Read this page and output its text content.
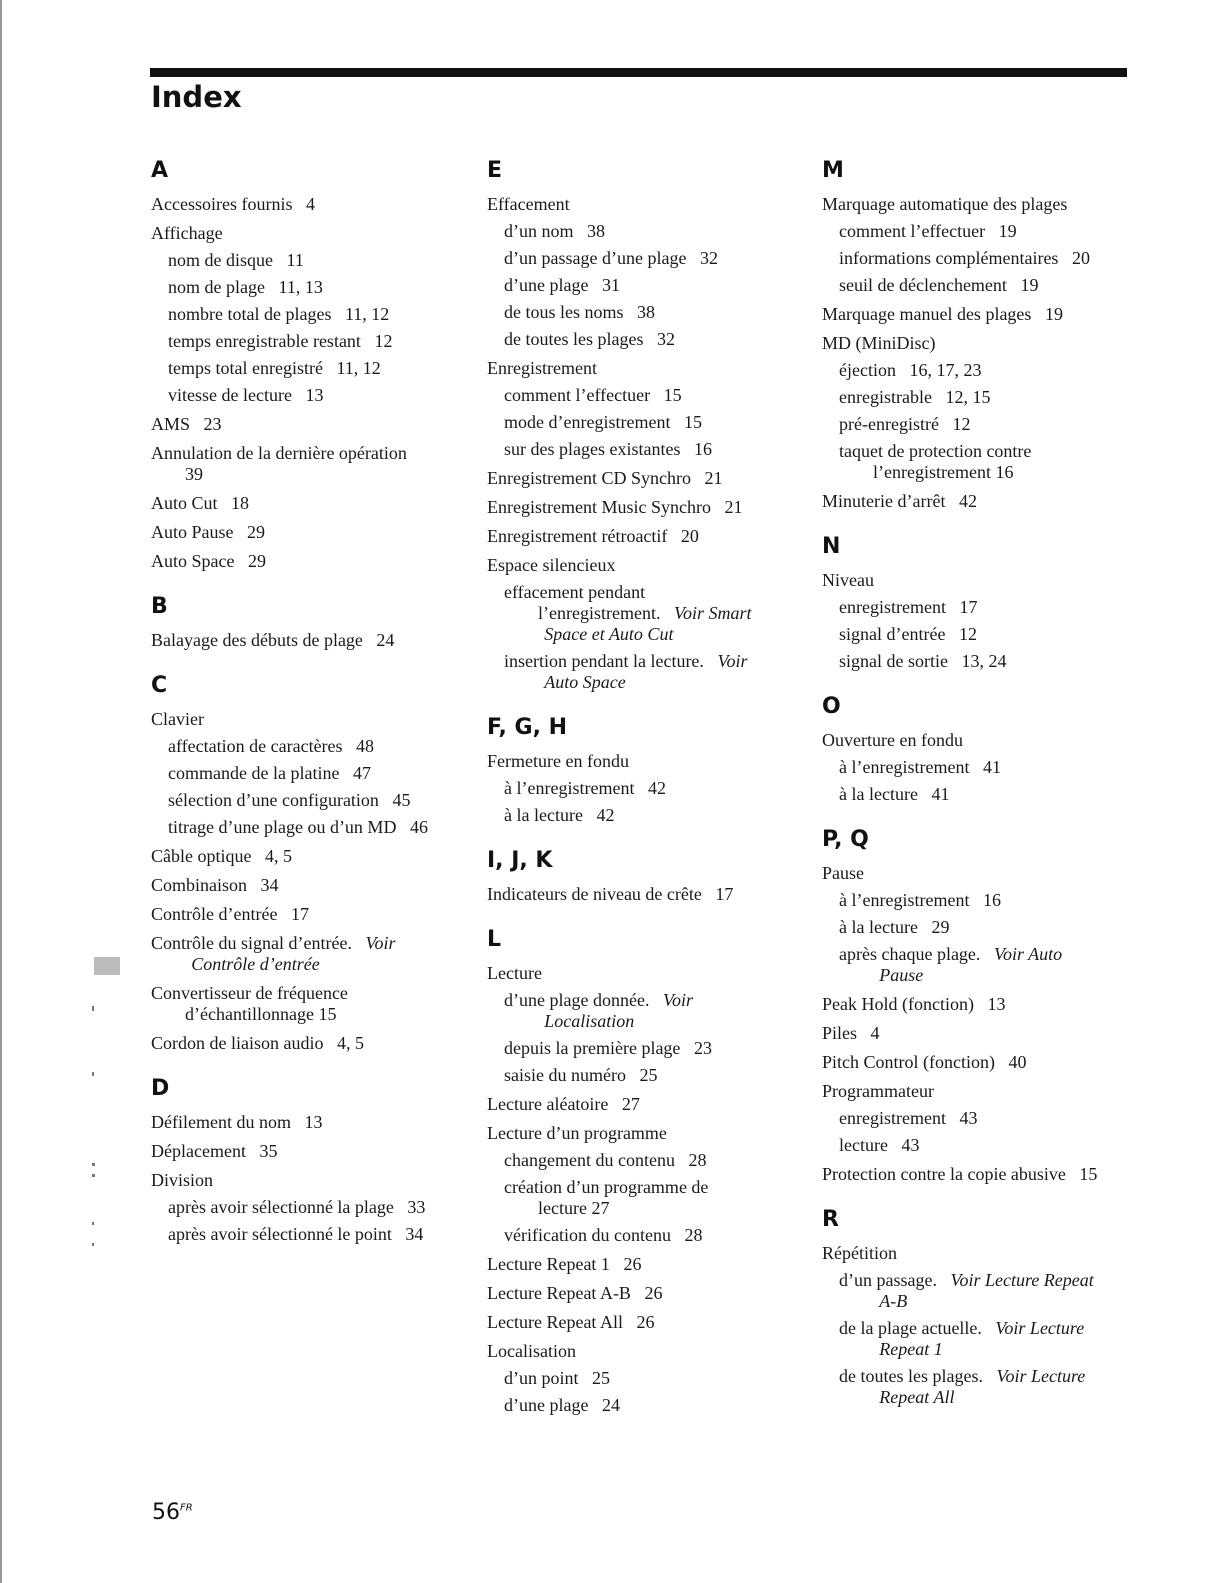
Index
A
Accessoires fournis  4
Affichage
nom de disque  11
nom de plage  11, 13
nombre total de plages  11, 12
temps enregistrable restant  12
temps total enregistré  11, 12
vitesse de lecture  13
AMS  23
Annulation de la dernière opération
39
Auto Cut  18
Auto Pause  29
Auto Space  29
B
Balayage des débuts de plage  24
C
Clavier
affectation de caractères  48
commande de la platine  47
sélection d’une configuration  45
titrage d’une plage ou d’un MD  46
Câble optique  4, 5
Combinaison  34
Contrôle d’entrée  17
Contrôle du signal d’entrée.  Voir
Contrôle d’entrée
Convertisseur de fréquence
d’échantillonnage 15
Cordon de liaison audio  4, 5
D
Défilement du nom  13
Déplacement  35
Division
après avoir sélectionné la plage  33
après avoir sélectionné le point  34
E
Effacement
d’un nom  38
d’un passage d’une plage  32
d’une plage  31
de tous les noms  38
de toutes les plages  32
Enregistrement
comment l’effectuer  15
mode d’enregistrement  15
sur des plages existantes  16
Enregistrement CD Synchro  21
Enregistrement Music Synchro  21
Enregistrement rétroactif  20
Espace silencieux
effacement pendant
l’enregistrement.  Voir Smart
Space et Auto Cut
insertion pendant la lecture.  Voir
Auto Space
F, G, H
Fermeture en fondu
à l’enregistrement  42
à la lecture  42
I, J, K
Indicateurs de niveau de crête  17
L
Lecture
d’une plage donnée.  Voir
Localisation
depuis la première plage  23
saisie du numéro  25
Lecture aléatoire  27
Lecture d’un programme
changement du contenu  28
création d’un programme de
lecture 27
vérification du contenu  28
Lecture Repeat 1  26
Lecture Repeat A-B  26
Lecture Repeat All  26
Localisation
d’un point  25
d’une plage  24
M
Marquage automatique des plages
comment l’effectuer  19
informations complémentaires  20
seuil de déclenchement  19
Marquage manuel des plages  19
MD (MiniDisc)
éjection  16, 17, 23
enregistrable  12, 15
pré-enregistré  12
taquet de protection contre
l’enregistrement 16
Minuterie d’arrêt  42
N
Niveau
enregistrement  17
signal d’entrée  12
signal de sortie  13, 24
O
Ouverture en fondu
à l’enregistrement  41
à la lecture  41
P, Q
Pause
à l’enregistrement  16
à la lecture  29
après chaque plage.  Voir Auto
Pause
Peak Hold (fonction)  13
Piles  4
Pitch Control (fonction)  40
Programmateur
enregistrement  43
lecture  43
Protection contre la copie abusive  15
R
Répétition
d’un passage.  Voir Lecture Repeat
A-B
de la plage actuelle.  Voir Lecture
Repeat 1
de toutes les plages.  Voir Lecture
Repeat All
$56^{FR}$
